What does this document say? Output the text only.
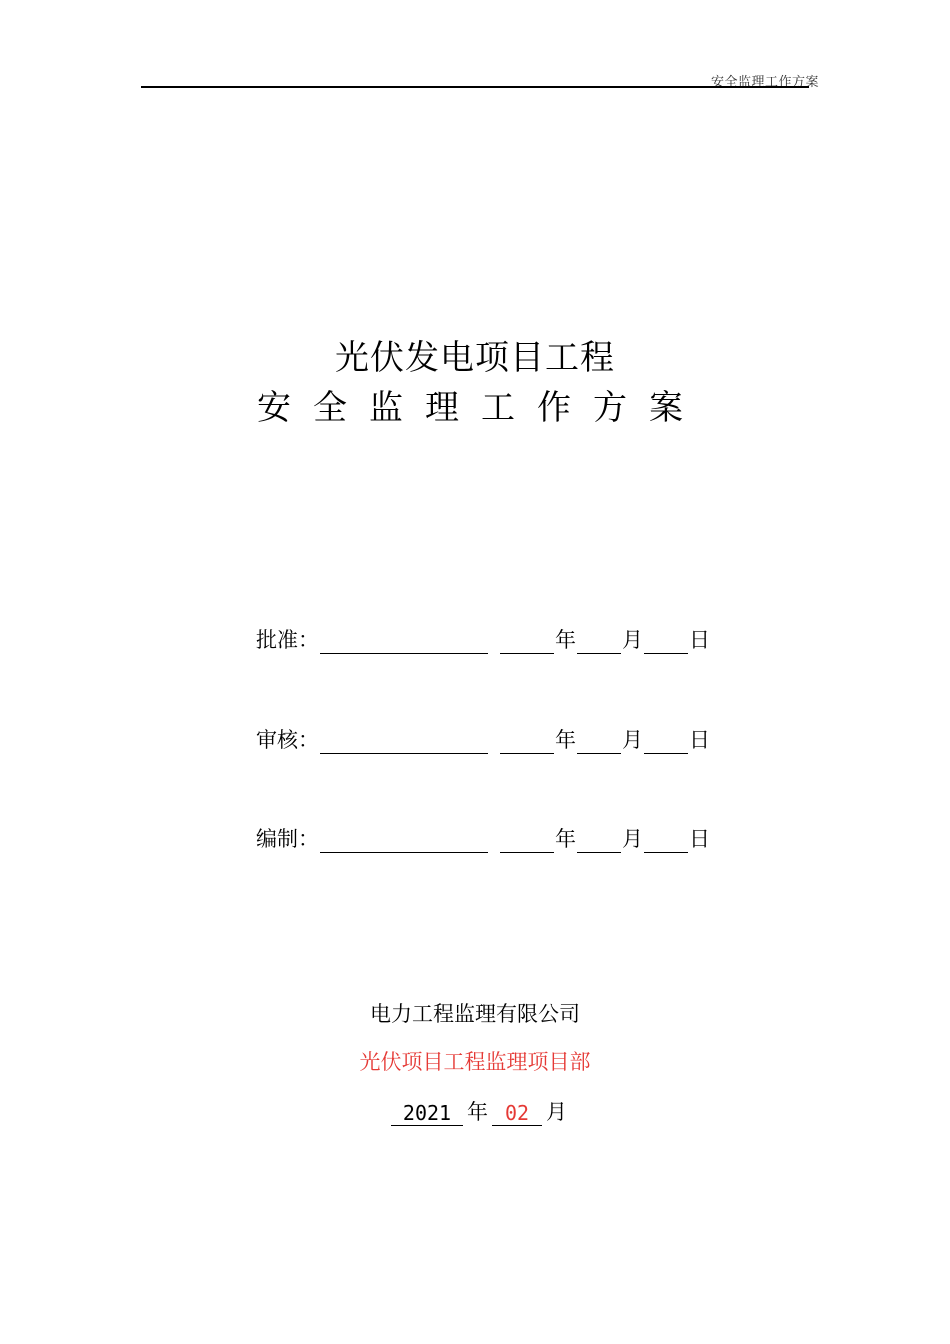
安全监理工作方案
光伏发电项目工程
安全监理工作方案
批准：	年 月 日
审核：	年 月 日
编制：	年 月 日
电力工程监理有限公司
光伏项目工程监理项目部
2021 年 02 月
